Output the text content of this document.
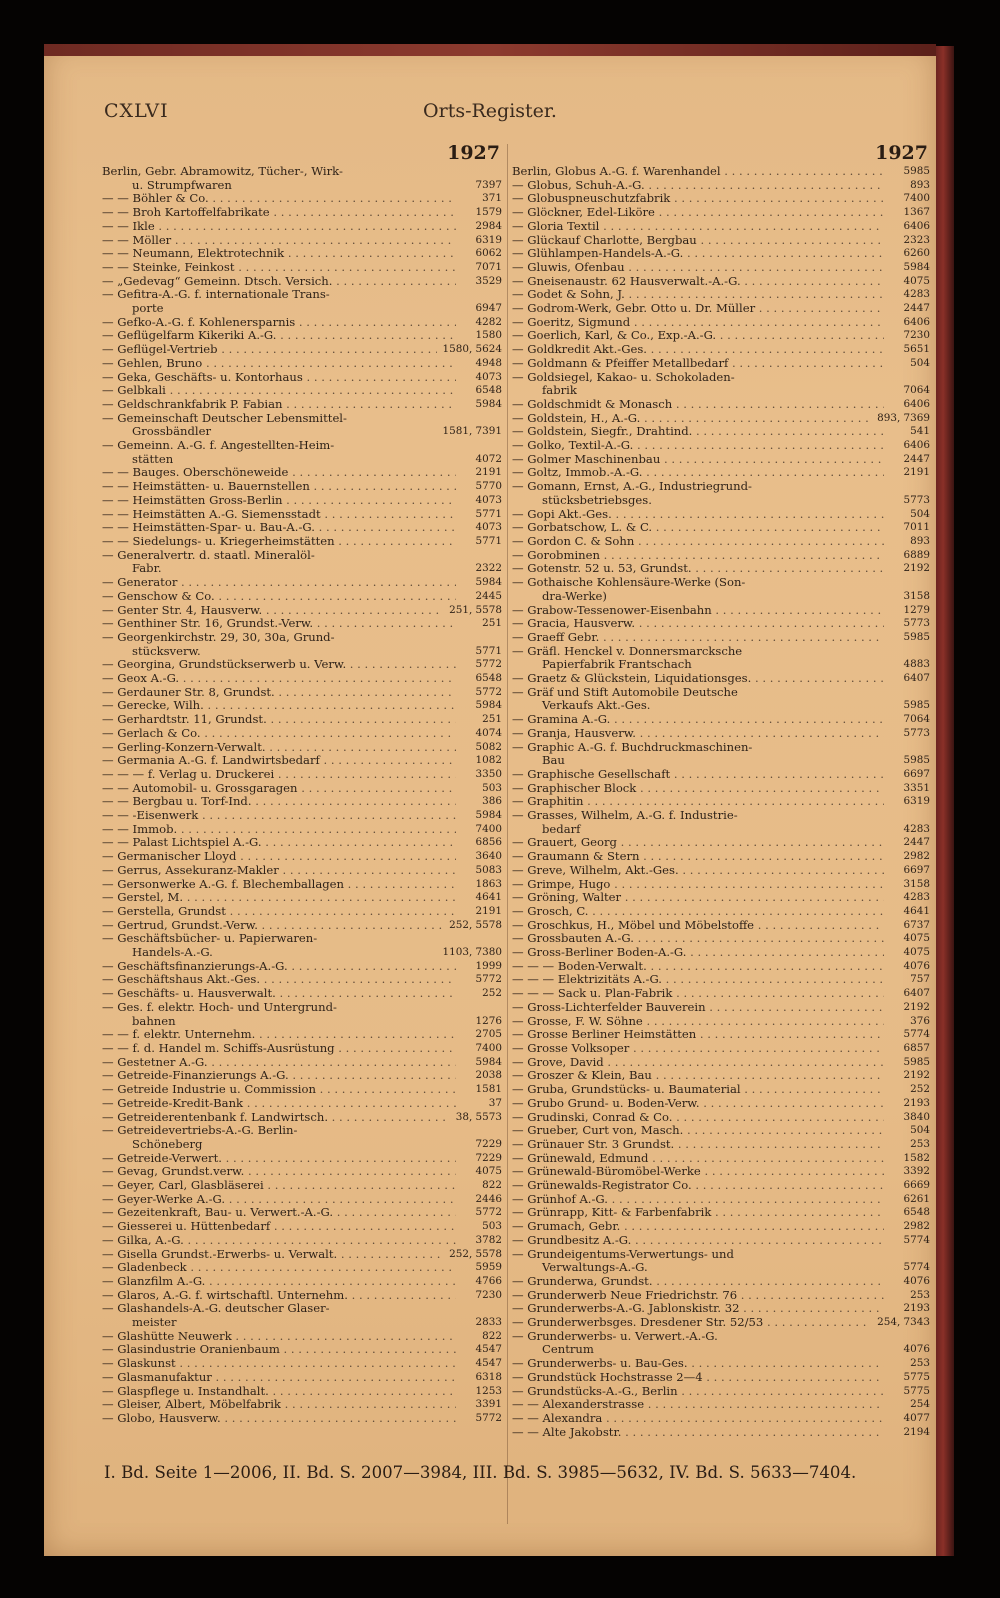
CXLVI	Orts-Register.
1927
Berlin, Gebr. Abramowitz, Tücher-, Wirk-
u. Strumpfwaren	7397
— — Böhler & Co. . . .	371
— — Broh Kartoffelfabrikate . . .	1579
— — Ikle . . .	2984
— — Möller . . .	6319
— — Neumann, Elektrotechnik . . .	6062
— — Steinke, Feinkost . . .	7071
— „Gedevag“ Gemeinn. Dtsch. Versich. . . .	3529
— Gefitra-A.-G. f. internationale Trans-
porte	6947
— Gefko-A.-G. f. Kohlenersparnis . . .	4282
— Geflügelfarm Kikeriki A.-G. . . .	1580
— Geflügel-Vertrieb . . .	1580, 5624
— Gehlen, Bruno . . .	4948
— Geka, Geschäfts- u. Kontorhaus . . .	4073
— Gelbkali . . .	6548
— Geldschrankfabrik P. Fabian . . .	5984
— Gemeinschaft Deutscher Lebensmittel-
Grossbändler	1581, 7391
— Gemeinn. A.-G. f. Angestellten-Heim-
stätten	4072
— — Bauges. Oberschöneweide . . .	2191
— — Heimstätten- u. Bauernstellen . . .	5770
— — Heimstätten Gross-Berlin . . .	4073
— — Heimstätten A.-G. Siemensstadt . . .	5771
— — Heimstätten-Spar- u. Bau-A.-G. . . .	4073
— — Siedelungs- u. Kriegerheimstätten . . .	5771
— Generalvertr. d. staatl. Mineralöl-
Fabr.	2322
— Generator . . .	5984
— Genschow & Co. . . .	2445
— Genter Str. 4, Hausverw. . . .	251, 5578
— Genthiner Str. 16, Grundst.-Verw. . . .	251
— Georgenkirchstr. 29, 30, 30a, Grund-
stücksverw.	5771
— Georgina, Grundstückserwerb u. Verw. . . .	5772
— Geox A.-G. . . .	6548
— Gerdauner Str. 8, Grundst. . . .	5772
— Gerecke, Wilh. . . .	5984
— Gerhardtstr. 11, Grundst. . . .	251
— Gerlach & Co. . . .	4074
— Gerling-Konzern-Verwalt. . . .	5082
— Germania A.-G. f. Landwirtsbedarf . . .	1082
— — — f. Verlag u. Druckerei . . .	3350
— — Automobil- u. Grossgaragen . . .	503
— — Bergbau u. Torf-Ind. . . .	386
— — -Eisenwerk . . .	5984
— — Immob. . . .	7400
— — Palast Lichtspiel A.-G. . . .	6856
— Germanischer Lloyd . . .	3640
— Gerrus, Assekuranz-Makler . . .	5083
— Gersonwerke A.-G. f. Blechemballagen . . .	1863
— Gerstel, M. . . .	4641
— Gerstella, Grundst . . .	2191
— Gertrud, Grundst.-Verw. . . .	252, 5578
— Geschäftsbücher- u. Papierwaren-
Handels-A.-G.	1103, 7380
— Geschäftsfinanzierungs-A.-G. . . .	1999
— Geschäftshaus Akt.-Ges. . . .	5772
— Geschäfts- u. Hausverwalt. . . .	252
— Ges. f. elektr. Hoch- und Untergrund-
bahnen	1276
— — f. elektr. Unternehm. . . .	2705
— — f. d. Handel m. Schiffs-Ausrüstung . . .	7400
— Gestetner A.-G. . . .	5984
— Getreide-Finanzierungs A.-G. . . .	2038
— Getreide Industrie u. Commission . . .	1581
— Getreide-Kredit-Bank . . .	37
— Getreiderentenbank f. Landwirtsch. . . .	38, 5573
— Getreidevertriebs-A.-G. Berlin-
Schöneberg	7229
— Getreide-Verwert. . . .	7229
— Gevag, Grundst.verw. . . .	4075
— Geyer, Carl, Glasbläserei . . .	822
— Geyer-Werke A.-G. . . .	2446
— Gezeitenkraft, Bau- u. Verwert.-A.-G. . . .	5772
— Giesserei u. Hüttenbedarf . . .	503
— Gilka, A.-G. . . .	3782
— Gisella Grundst.-Erwerbs- u. Verwalt. . . .	252, 5578
— Gladenbeck . . .	5959
— Glanzfilm A.-G. . . .	4766
— Glaros, A.-G. f. wirtschaftl. Unternehm. . . .	7230
— Glashandels-A.-G. deutscher Glaser-
meister	2833
— Glashütte Neuwerk . . .	822
— Glasindustrie Oranienbaum . . .	4547
— Glaskunst . . .	4547
— Glasmanufaktur . . .	6318
— Glaspflege u. Instandhalt. . . .	1253
— Gleiser, Albert, Möbelfabrik . . .	3391
— Globo, Hausverw. . . .	5772
1927
Berlin, Globus A.-G. f. Warenhandel . . .	5985
— Globus, Schuh-A.-G. . . .	893
— Globuspneuschutzfabrik . . .	7400
— Glöckner, Edel-Liköre . . .	1367
— Gloria Textil . . .	6406
— Glückauf Charlotte, Bergbau . . .	2323
— Glühlampen-Handels-A.-G. . . .	6260
— Gluwis, Ofenbau . . .	5984
— Gneisenaustr. 62 Hausverwalt.-A.-G. . . .	4075
— Godet & Sohn, J. . . .	4283
— Godrom-Werk, Gebr. Otto u. Dr. Müller . . .	2447
— Goeritz, Sigmund . . .	6406
— Goerlich, Karl, & Co., Exp.-A.-G. . . .	7230
— Goldkredit Akt.-Ges. . . .	5651
— Goldmann & Pfeiffer Metallbedarf . . .	504
— Goldsiegel, Kakao- u. Schokoladen-
fabrik	7064
— Goldschmidt & Monasch . . .	6406
— Goldstein, H., A.-G. . . .	893, 7369
— Goldstein, Siegfr., Drahtind. . . .	541
— Golko, Textil-A.-G. . . .	6406
— Golmer Maschinenbau . . .	2447
— Goltz, Immob.-A.-G. . . .	2191
— Gomann, Ernst, A.-G., Industriegrund-
stücksbetriebsges.	5773
— Gopi Akt.-Ges. . . .	504
— Gorbatschow, L. & C. . . .	7011
— Gordon C. & Sohn . . .	893
— Gorobminen . . .	6889
— Gotenstr. 52 u. 53, Grundst. . . .	2192
— Gothaische Kohlensäure-Werke (Son-
dra-Werke)	3158
— Grabow-Tessenower-Eisenbahn . . .	1279
— Gracia, Hausverw. . . .	5773
— Graeff Gebr. . . .	5985
— Gräfl. Henckel v. Donnersmarcksche
Papierfabrik Frantschach	4883
— Graetz & Glückstein, Liquidationsges. . . .	6407
— Gräf und Stift Automobile Deutsche
Verkaufs Akt.-Ges.	5985
— Gramina A.-G. . . .	7064
— Granja, Hausverw. . . .	5773
— Graphic A.-G. f. Buchdruckmaschinen-
Bau	5985
— Graphische Gesellschaft . . .	6697
— Graphischer Block . . .	3351
— Graphitin . . .	6319
— Grasses, Wilhelm, A.-G. f. Industrie-
bedarf	4283
— Grauert, Georg . . .	2447
— Graumann & Stern . . .	2982
— Greve, Wilhelm, Akt.-Ges. . . .	6697
— Grimpe, Hugo . . .	3158
— Gröning, Walter . . .	4283
— Grosch, C. . . .	4641
— Groschkus, H., Möbel und Möbelstoffe . . .	6737
— Grossbauten A.-G. . . .	4075
— Gross-Berliner Boden-A.-G. . . .	4075
— — — Boden-Verwalt. . . .	4076
— — — Elektrizitäts A.-G. . . .	757
— — — Sack u. Plan-Fabrik . . .	6407
— Gross-Lichterfelder Bauverein . . .	2192
— Grosse, F. W. Söhne . . .	376
— Grosse Berliner Heimstätten . . .	5774
— Grosse Volksoper . . .	6857
— Grove, David . . .	5985
— Groszer & Klein, Bau . . .	2192
— Gruba, Grundstücks- u. Baumaterial . . .	252
— Grubo Grund- u. Boden-Verw. . . .	2193
— Grudinski, Conrad & Co. . . .	3840
— Grueber, Curt von, Masch. . . .	504
— Grünauer Str. 3 Grundst. . . .	253
— Grünewald, Edmund . . .	1582
— Grünewald-Büromöbel-Werke . . .	3392
— Grünewalds-Registrator Co. . . .	6669
— Grünhof A.-G. . . .	6261
— Grünrapp, Kitt- & Farbenfabrik . . .	6548
— Grumach, Gebr. . . .	2982
— Grundbesitz A.-G. . . .	5774
— Grundeigentums-Verwertungs- und
Verwaltungs-A.-G.	5774
— Grunderwa, Grundst. . . .	4076
— Grunderwerb Neue Friedrichstr. 76 . . .	253
— Grunderwerbs-A.-G. Jablonskistr. 32 . . .	2193
— Grunderwerbsges. Dresdener Str. 52/53 . . .	254, 7343
— Grunderwerbs- u. Verwert.-A.-G.
Centrum	4076
— Grunderwerbs- u. Bau-Ges. . . .	253
— Grundstück Hochstrasse 2—4 . . .	5775
— Grundstücks-A.-G., Berlin . . .	5775
— — Alexanderstrasse . . .	254
— — Alexandra . . .	4077
— — Alte Jakobstr. . . .	2194
I. Bd. Seite 1—2006, II. Bd. S. 2007—3984, III. Bd. S. 3985—5632, IV. Bd. S. 5633—7404.
